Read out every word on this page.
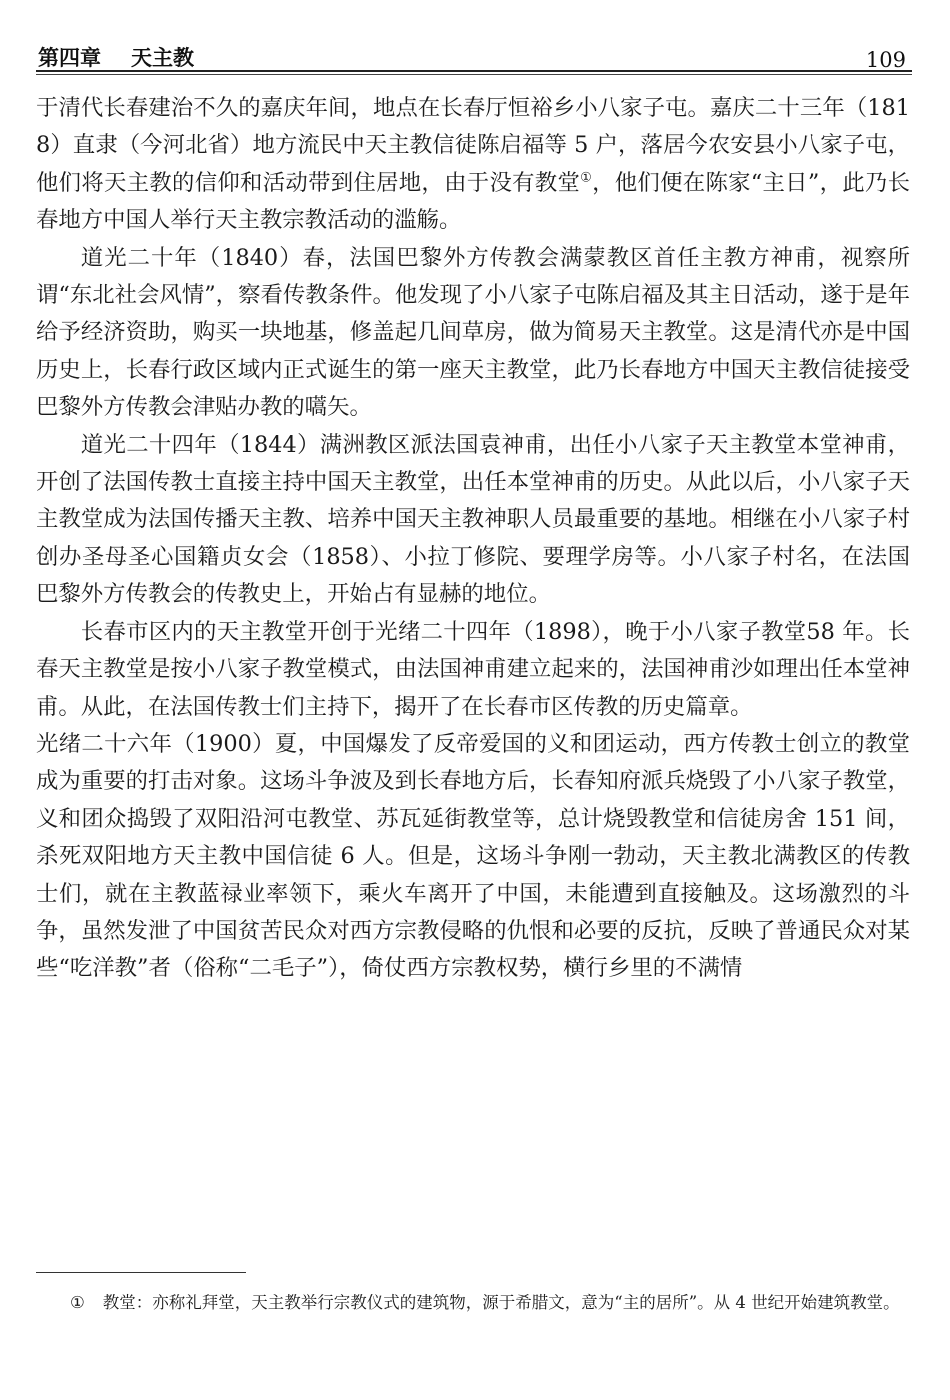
第四章 天主教	109

于清代长春建治不久的嘉庆年间，地点在长春厅恒裕乡小八家子屯。嘉庆二十三年（1818）直隶（今河北省）地方流民中天主教信徒陈启福等 5 户，落居今农安县小八家子屯，他们将天主教的信仰和活动带到住居地，由于没有教堂①，他们便在陈家“主日”，此乃长春地方中国人举行天主教宗教活动的滥觞。

道光二十年（1840）春，法国巴黎外方传教会满蒙教区首任主教方神甫，视察所谓“东北社会风情”，察看传教条件。他发现了小八家子屯陈启福及其主日活动，遂于是年给予经济资助，购买一块地基，修盖起几间草房，做为简易天主教堂。这是清代亦是中国历史上，长春行政区域内正式诞生的第一座天主教堂，此乃长春地方中国天主教信徒接受巴黎外方传教会津贴办教的嚆矢。

道光二十四年（1844）满洲教区派法国袁神甫，出任小八家子天主教堂本堂神甫，开创了法国传教士直接主持中国天主教堂，出任本堂神甫的历史。从此以后，小八家子天主教堂成为法国传播天主教、培养中国天主教神职人员最重要的基地。相继在小八家子村创办圣母圣心国籍贞女会（1858）、小拉丁修院、要理学房等。小八家子村名，在法国巴黎外方传教会的传教史上，开始占有显赫的地位。

长春市区内的天主教堂开创于光绪二十四年（1898），晚于小八家子教堂58 年。长春天主教堂是按小八家子教堂模式，由法国神甫建立起来的，法国神甫沙如理出任本堂神甫。从此，在法国传教士们主持下，揭开了在长春市区传教的历史篇章。

光绪二十六年（1900）夏，中国爆发了反帝爱国的义和团运动，西方传教士创立的教堂成为重要的打击对象。这场斗争波及到长春地方后，长春知府派兵烧毁了小八家子教堂，义和团众捣毁了双阳沿河屯教堂、苏瓦延街教堂等，总计烧毁教堂和信徒房舍 151 间，杀死双阳地方天主教中国信徒 6 人。但是，这场斗争刚一勃动，天主教北满教区的传教士们，就在主教蓝禄业率领下，乘火车离开了中国，未能遭到直接触及。这场激烈的斗争，虽然发泄了中国贫苦民众对西方宗教侵略的仇恨和必要的反抗，反映了普通民众对某些“吃洋教”者（俗称“二毛子”），倚仗西方宗教权势，横行乡里的不满情

① 教堂：亦称礼拜堂，天主教举行宗教仪式的建筑物，源于希腊文，意为“主的居所”。从 4 世纪开始建筑教堂。
